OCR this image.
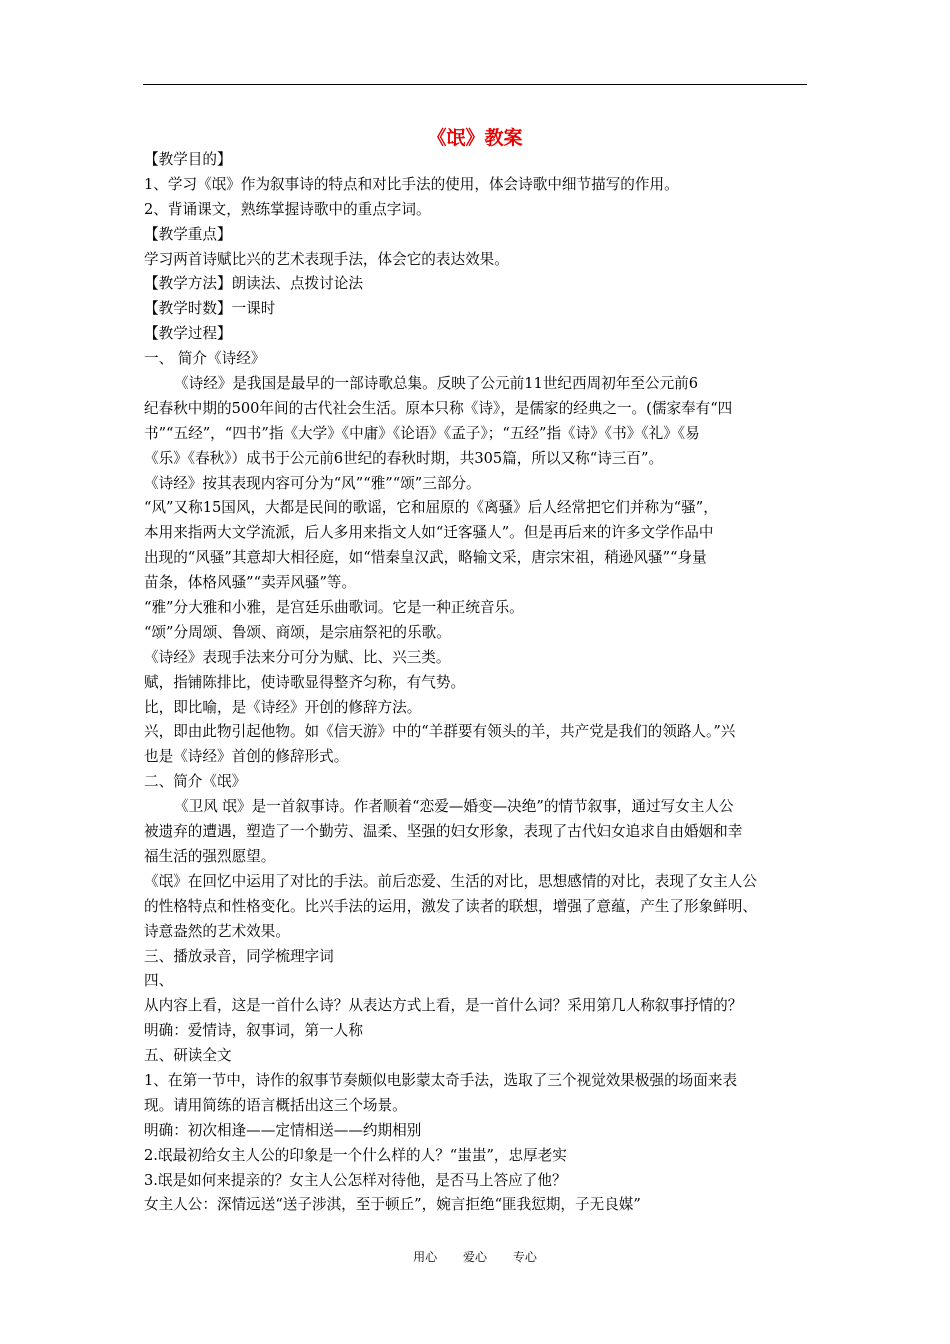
《氓》教案
【教学目的】
1、学习《氓》作为叙事诗的特点和对比手法的使用，体会诗歌中细节描写的作用。
2、背诵课文，熟练掌握诗歌中的重点字词。
【教学重点】
学习两首诗赋比兴的艺术表现手法，体会它的表达效果。
【教学方法】朗读法、点拨讨论法
【教学时数】一课时
【教学过程】
一、 简介《诗经》
《诗经》是我国是最早的一部诗歌总集。反映了公元前11世纪西周初年至公元前6
纪春秋中期的500年间的古代社会生活。原本只称《诗》，是儒家的经典之一。(儒家奉有“四
书”“五经”，“四书”指《大学》《中庸》《论语》《孟子》；“五经”指《诗》《书》《礼》《易
《乐》《春秋》）成书于公元前6世纪的春秋时期，共305篇，所以又称“诗三百”。
《诗经》按其表现内容可分为“风”“雅”“颂”三部分。
“风”又称15国风，大都是民间的歌谣，它和屈原的《离骚》后人经常把它们并称为“骚”，
本用来指两大文学流派，后人多用来指文人如“迁客骚人”。但是再后来的许多文学作品中
出现的“风骚”其意却大相径庭，如“惜秦皇汉武，略输文采，唐宗宋祖，稍逊风骚”“身量
苗条，体格风骚”“卖弄风骚”等。
“雅”分大雅和小雅，是宫廷乐曲歌词。它是一种正统音乐。
“颂”分周颂、鲁颂、商颂，是宗庙祭祀的乐歌。
《诗经》表现手法来分可分为赋、比、兴三类。
赋，指铺陈排比，使诗歌显得整齐匀称，有气势。
比，即比喻，是《诗经》开创的修辞方法。
兴，即由此物引起他物。如《信天游》中的“羊群要有领头的羊，共产党是我们的领路人。”兴
也是《诗经》首创的修辞形式。
二、简介《氓》
《卫风 氓》是一首叙事诗。作者顺着“恋爱—婚变—决绝”的情节叙事，通过写女主人公
被遗弃的遭遇，塑造了一个勤劳、温柔、坚强的妇女形象，表现了古代妇女追求自由婚姻和幸
福生活的强烈愿望。
《氓》在回忆中运用了对比的手法。前后恋爱、生活的对比，思想感情的对比，表现了女主人公
的性格特点和性格变化。比兴手法的运用，激发了读者的联想，增强了意蕴，产生了形象鲜明、
诗意盎然的艺术效果。
三、播放录音，同学梳理字词
四、
从内容上看，这是一首什么诗？从表达方式上看，是一首什么词？采用第几人称叙事抒情的？
明确：爱情诗，叙事词，第一人称
五、研读全文
1、在第一节中，诗作的叙事节奏颇似电影蒙太奇手法，选取了三个视觉效果极强的场面来表
现。请用简练的语言概括出这三个场景。
明确：初次相逢——定情相送——约期相别
2.氓最初给女主人公的印象是一个什么样的人？“蚩蚩”，忠厚老实
3.氓是如何来提亲的？女主人公怎样对待他，是否马上答应了他？
女主人公：深情远送“送子涉淇，至于顿丘”，婉言拒绝“匪我愆期，子无良媒”
用心 爱心 专心
